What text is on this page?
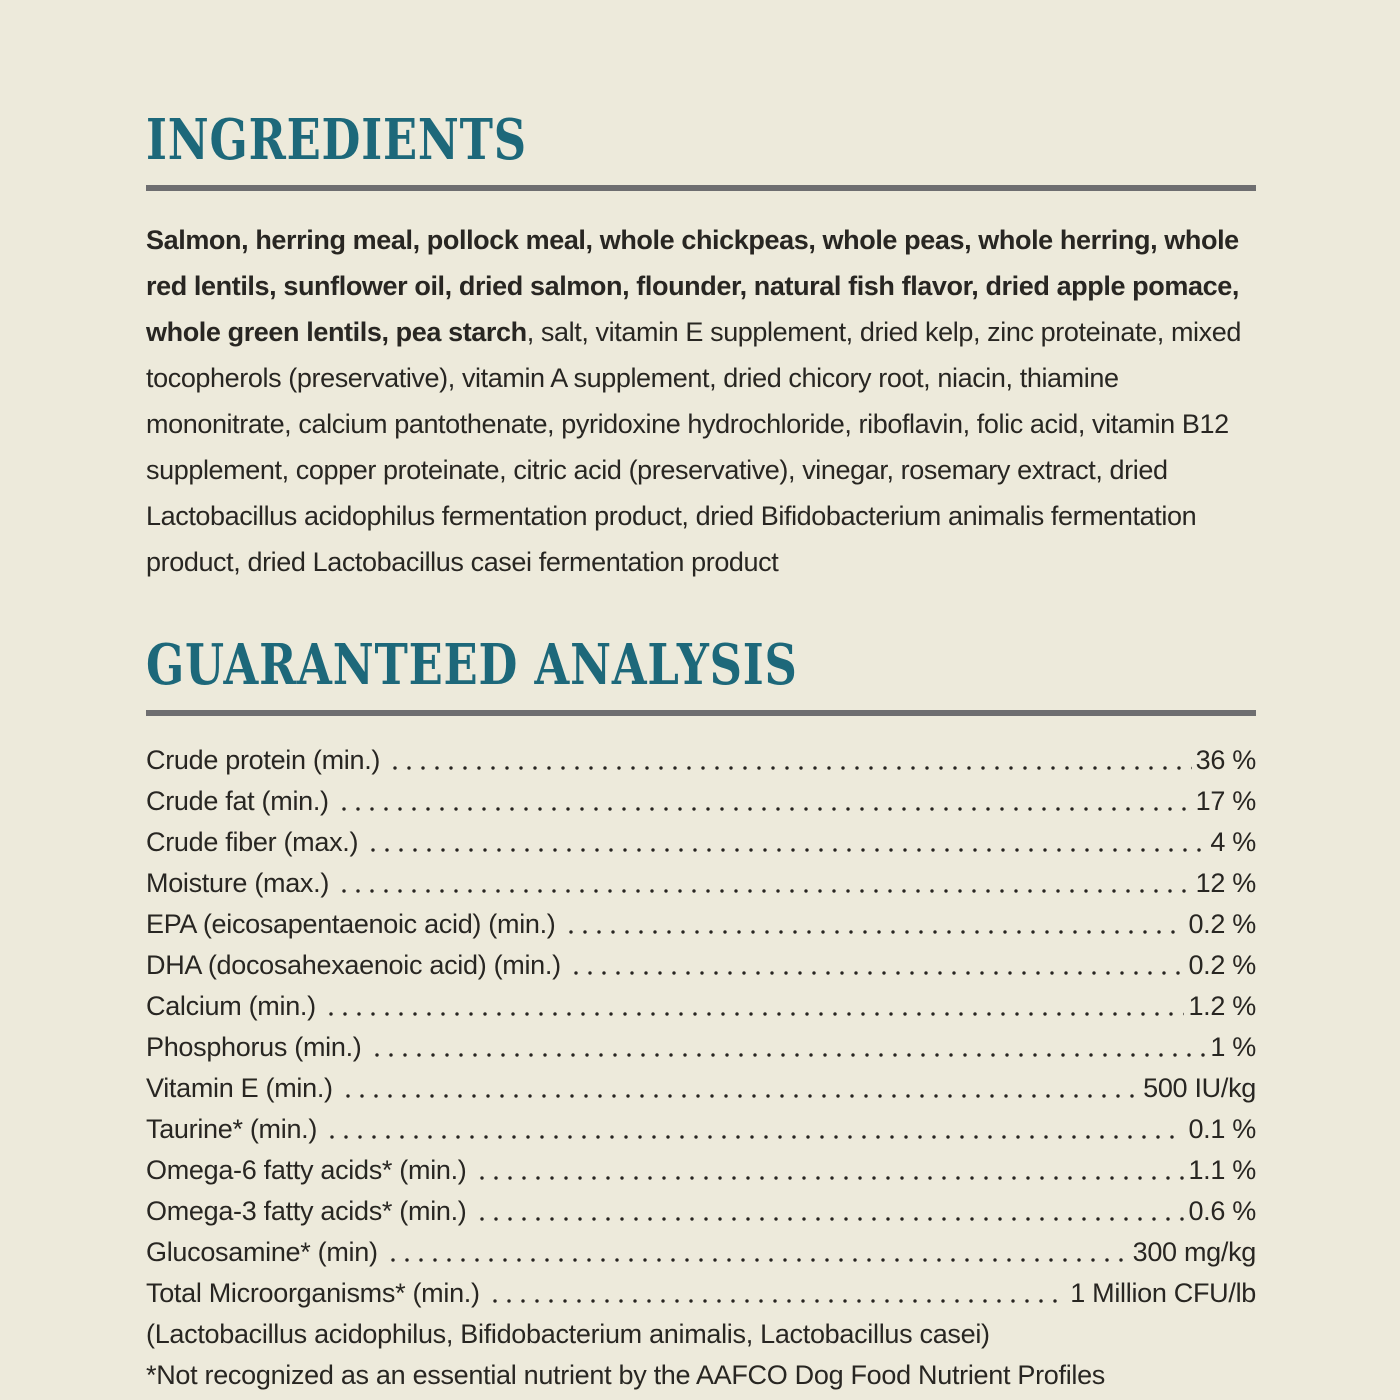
INGREDIENTS

Salmon, herring meal, pollock meal, whole chickpeas, whole peas, whole herring, whole red lentils, sunflower oil, dried salmon, flounder, natural fish flavor, dried apple pomace, whole green lentils, pea starch, salt, vitamin E supplement, dried kelp, zinc proteinate, mixed tocopherols (preservative), vitamin A supplement, dried chicory root, niacin, thiamine mononitrate, calcium pantothenate, pyridoxine hydrochloride, riboflavin, folic acid, vitamin B12 supplement, copper proteinate, citric acid (preservative), vinegar, rosemary extract, dried Lactobacillus acidophilus fermentation product, dried Bifidobacterium animalis fermentation product, dried Lactobacillus casei fermentation product

GUARANTEED ANALYSIS
Crude protein (min.)	36 %
Crude fat (min.)	17 %
Crude fiber (max.)	4 %
Moisture (max.)	12 %
EPA (eicosapentaenoic acid) (min.)	0.2 %
DHA (docosahexaenoic acid) (min.)	0.2 %
Calcium (min.)	1.2 %
Phosphorus (min.)	1 %
Vitamin E (min.)	500 IU/kg
Taurine* (min.)	0.1 %
Omega-6 fatty acids* (min.)	1.1 %
Omega-3 fatty acids* (min.)	0.6 %
Glucosamine* (min)	300 mg/kg
Total Microorganisms* (min.)	1 Million CFU/lb
(Lactobacillus acidophilus, Bifidobacterium animalis, Lactobacillus casei)
*Not recognized as an essential nutrient by the AAFCO Dog Food Nutrient Profiles
